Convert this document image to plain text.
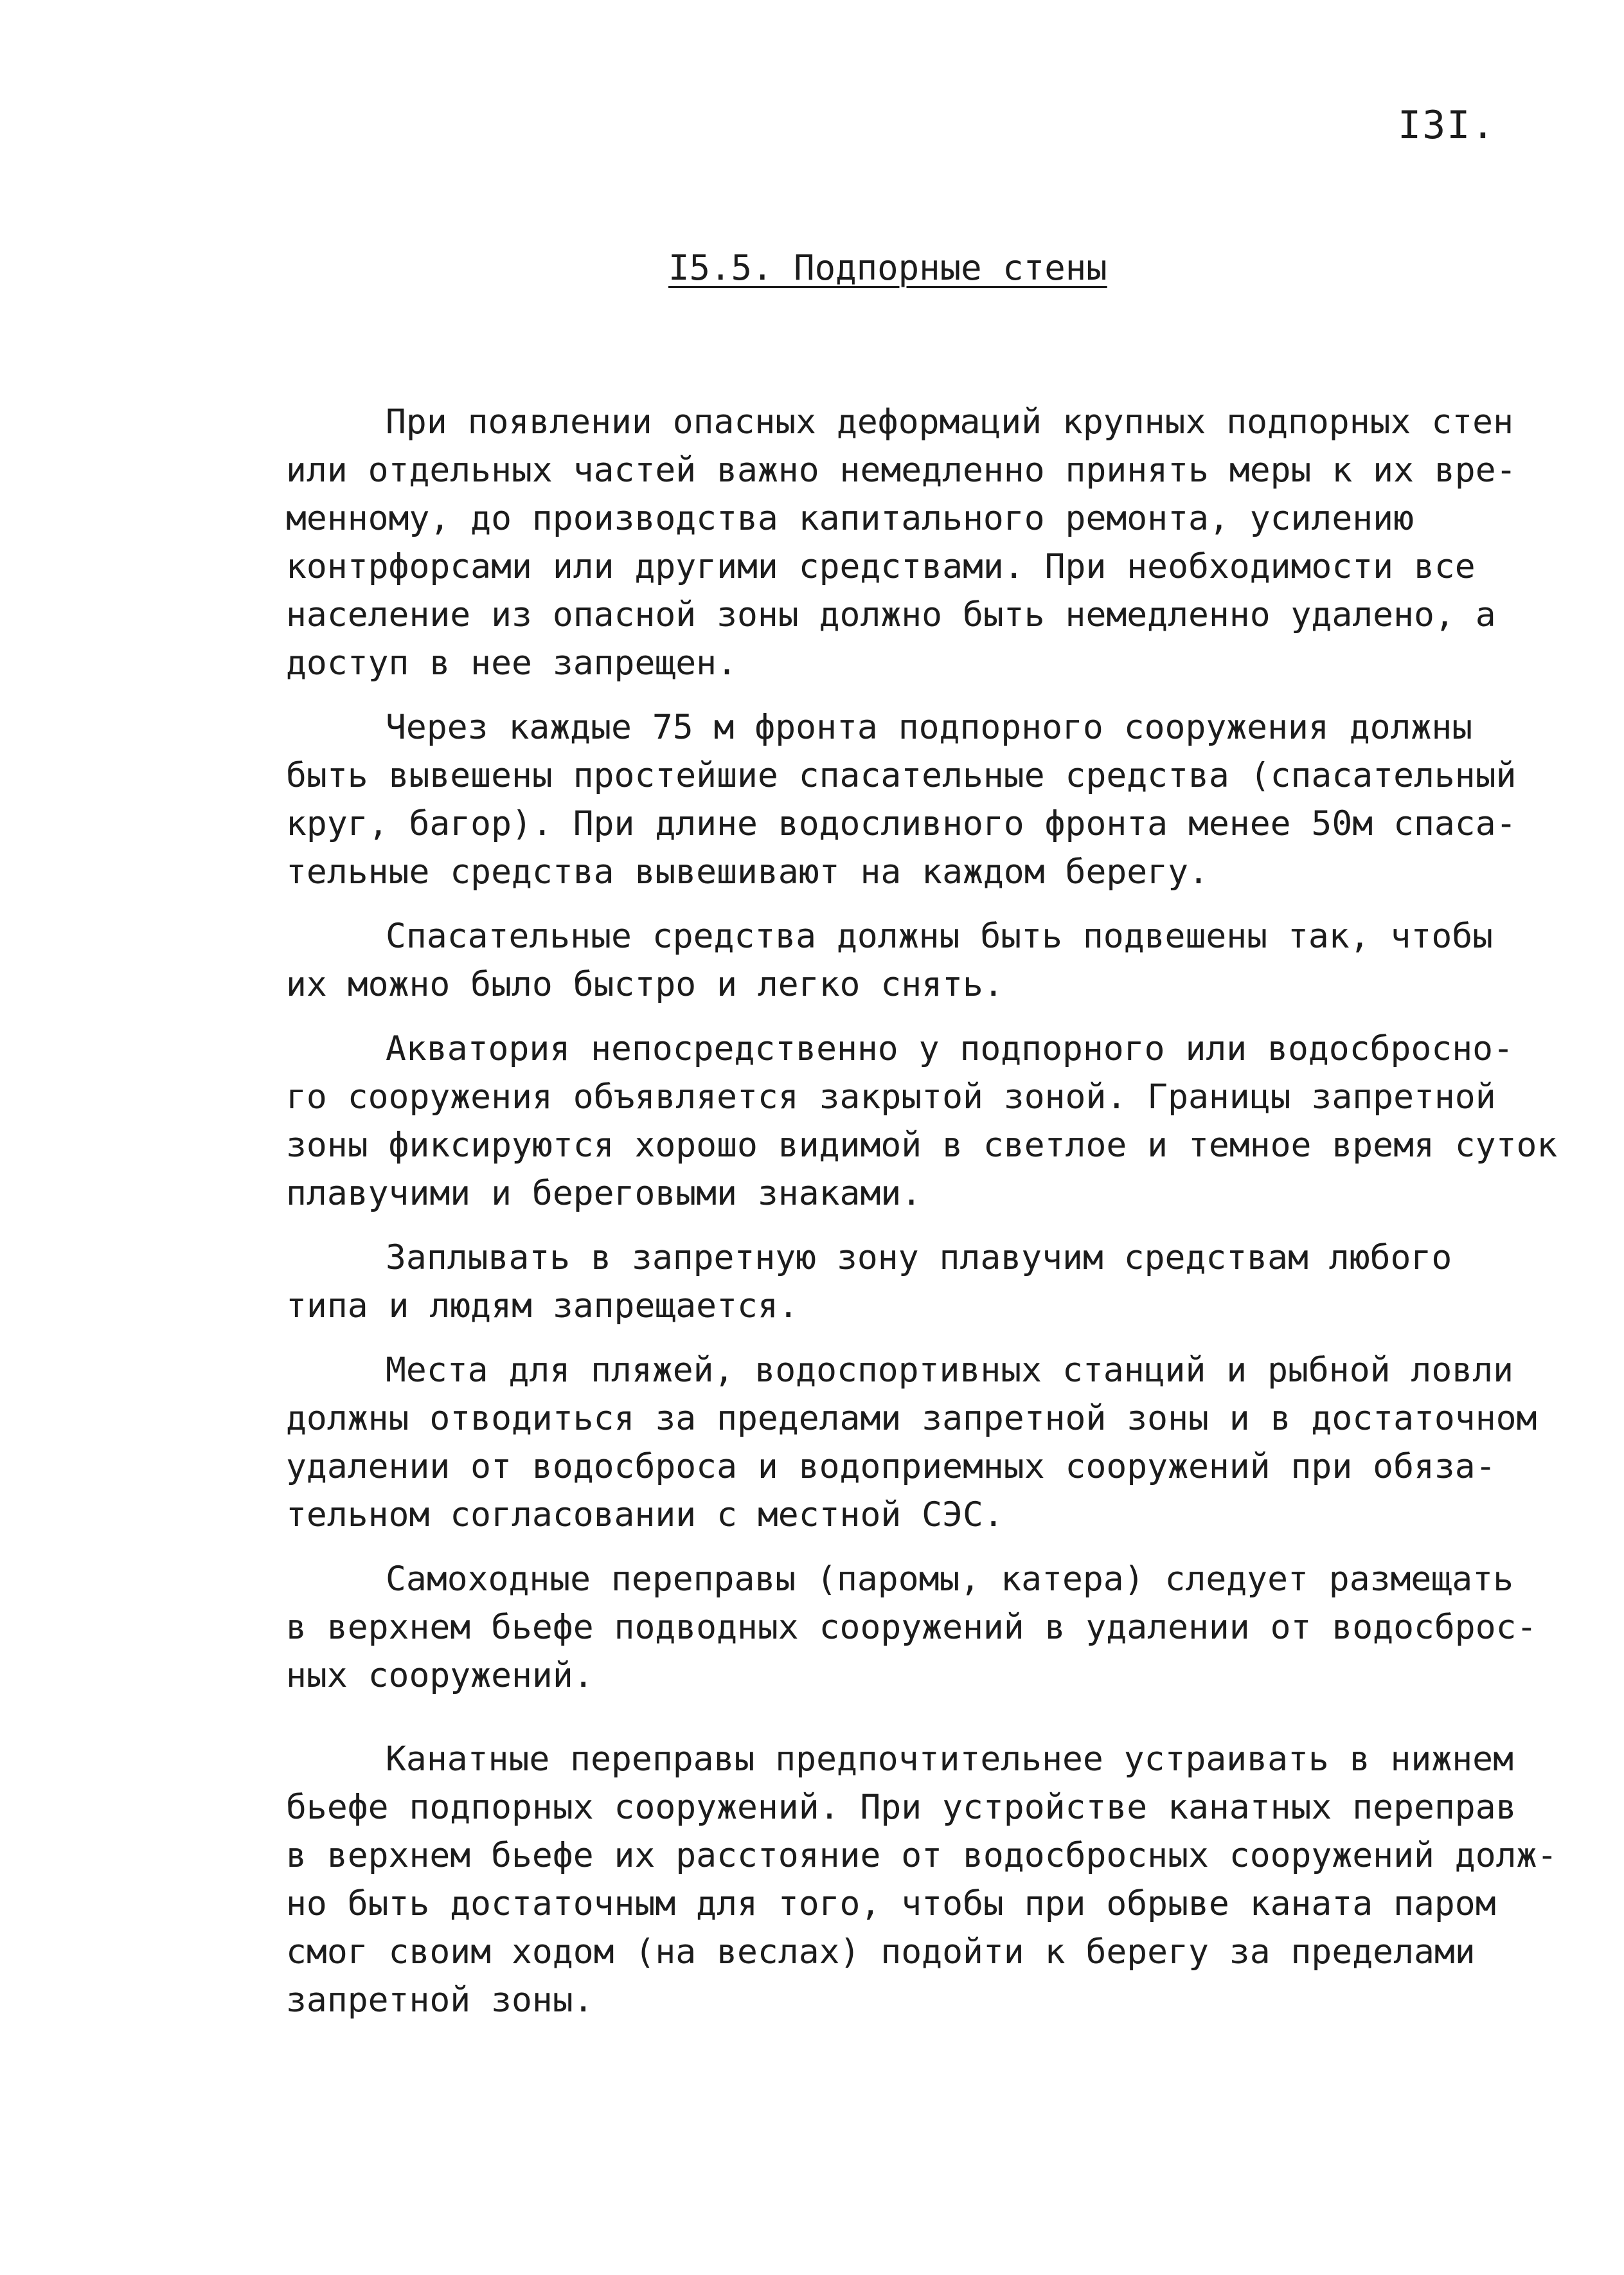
I3I.
I5.5. Подпорные стены
При появлении опасных деформаций крупных подпорных стен
или отдельных частей важно немедленно принять меры к их вре-
менному, до производства капитального ремонта, усилению
контрфорсами или другими средствами. При необходимости все
население из опасной зоны должно быть немедленно удалено, а
доступ в нее запрещен.
Через каждые 75 м фронта подпорного сооружения должны
быть вывешены простейшие спасательные средства (спасательный
круг, багор). При длине водосливного фронта менее 50м спаса-
тельные средства вывешивают на каждом берегу.
Спасательные средства должны быть подвешены так, чтобы
их можно было быстро и легко снять.
Акватория непосредственно у подпорного или водосбросно-
го сооружения объявляется закрытой зоной. Границы запретной
зоны фиксируются хорошо видимой в светлое и темное время суток
плавучими и береговыми знаками.
Заплывать в запретную зону плавучим средствам любого
типа и людям запрещается.
Места для пляжей, водоспортивных станций и рыбной ловли
должны отводиться за пределами запретной зоны и в достаточном
удалении от водосброса и водоприемных сооружений при обяза-
тельном согласовании с местной СЭС.
Самоходные переправы (паромы, катера) следует размещать
в верхнем бьефе подводных сооружений в удалении от водосброс-
ных сооружений.
Канатные переправы предпочтительнее устраивать в нижнем
бьефе подпорных сооружений. При устройстве канатных переправ
в верхнем бьефе их расстояние от водосбросных сооружений долж-
но быть достаточным для того, чтобы при обрыве каната паром
смог своим ходом (на веслах) подойти к берегу за пределами
запретной зоны.
